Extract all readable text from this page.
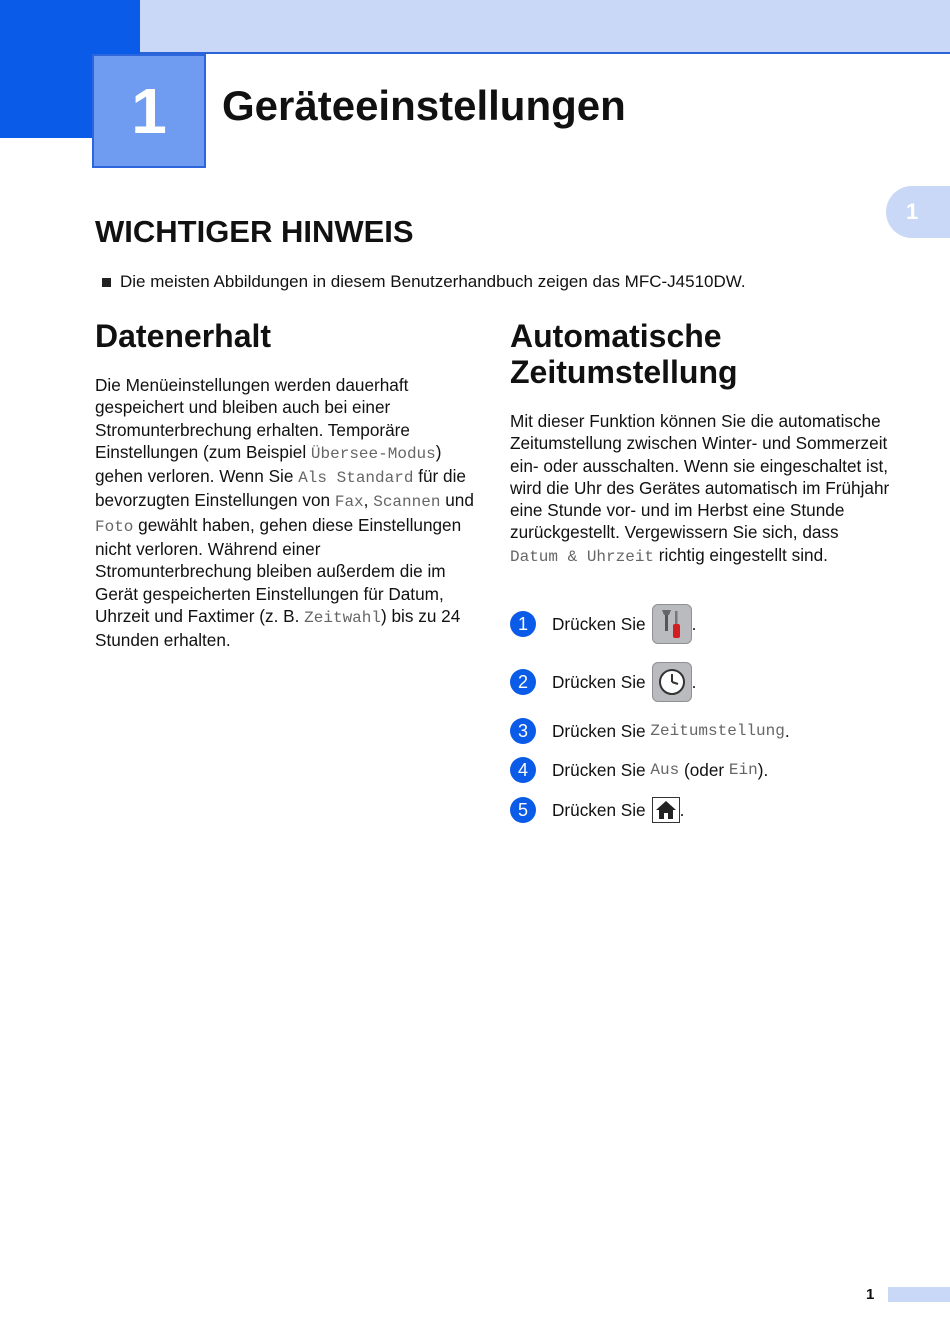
1 Geräteeinstellungen
1
WICHTIGER HINWEIS
Die meisten Abbildungen in diesem Benutzerhandbuch zeigen das MFC-J4510DW.
Datenerhalt

Die Menüeinstellungen werden dauerhaft gespeichert und bleiben auch bei einer Stromunterbrechung erhalten. Temporäre Einstellungen (zum Beispiel Übersee-Modus) gehen verloren. Wenn Sie Als Standard für die bevorzugten Einstellungen von Fax, Scannen und Foto gewählt haben, gehen diese Einstellungen nicht verloren. Während einer Stromunterbrechung bleiben außerdem die im Gerät gespeicherten Einstellungen für Datum, Uhrzeit und Faxtimer (z. B. Zeitwahl) bis zu 24 Stunden erhalten.

Automatische
Zeitumstellung

Mit dieser Funktion können Sie die automatische Zeitumstellung zwischen Winter- und Sommerzeit ein- oder ausschalten. Wenn sie eingeschaltet ist, wird die Uhr des Gerätes automatisch im Frühjahr eine Stunde vor- und im Herbst eine Stunde zurückgestellt. Vergewissern Sie sich, dass Datum & Uhrzeit richtig eingestellt sind.

1	Drücken Sie	.
2	Drücken Sie	.
3	Drücken Sie Zeitumstellung .
4	Drücken Sie Aus (oder Ein ).
5	Drücken Sie .
1
